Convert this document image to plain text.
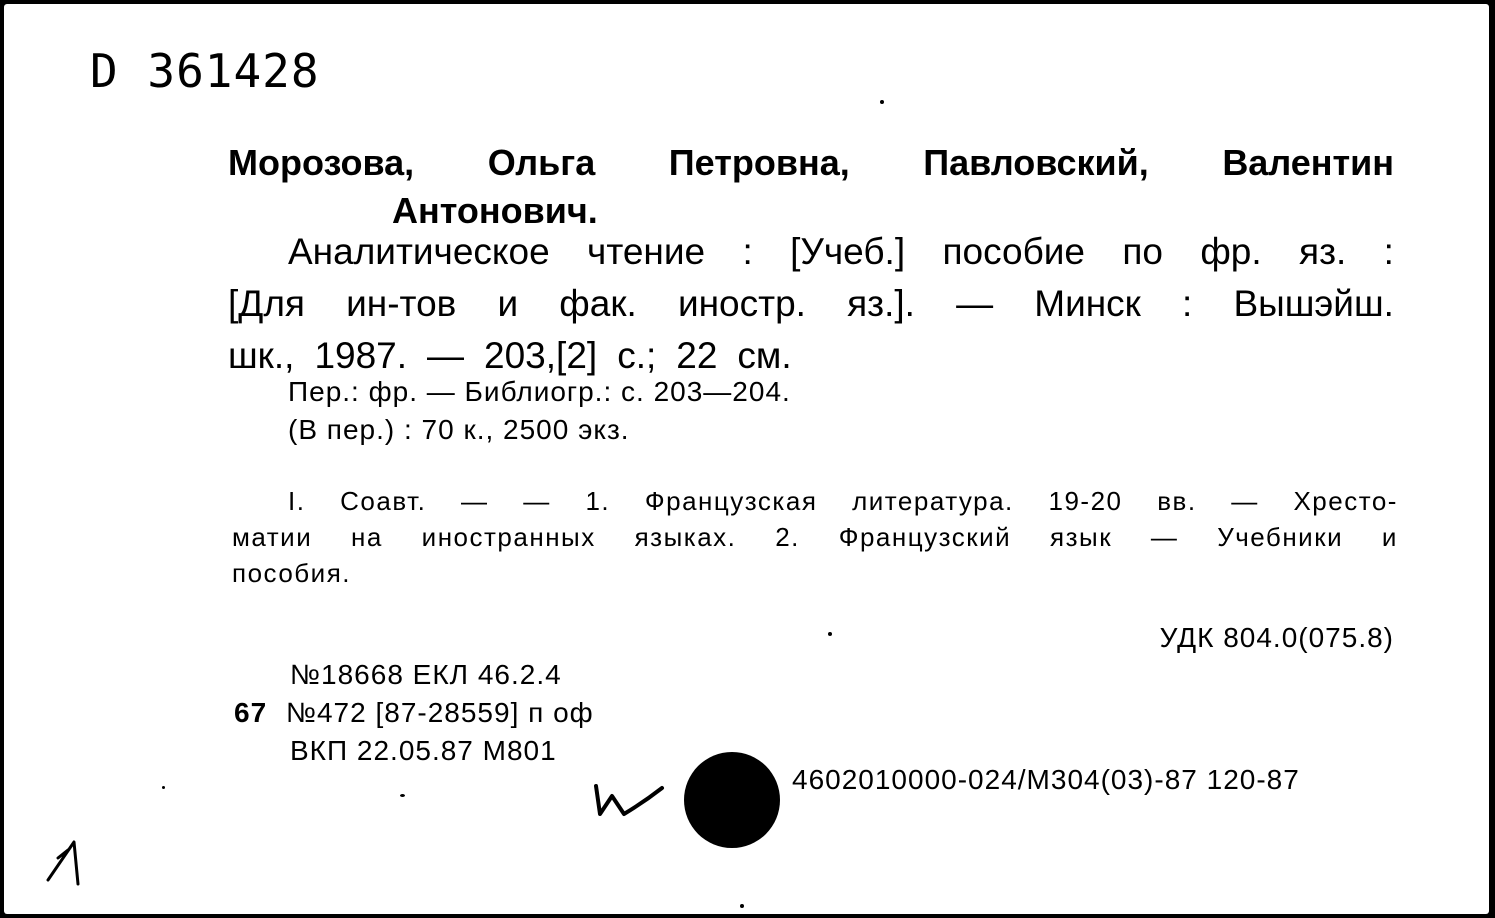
D 361428
Морозова, Ольга Петровна, Павловский, Валентин
Антонович.
Аналитическое чтение : [Учеб.] пособие по фр. яз. :
[Для ин-тов и фак. иностр. яз.]. — Минск : Вышэйш.
шк., 1987. — 203,[2] с.; 22 см.
Пер.: фр. — Библиогр.: с. 203—204.
(В пер.) : 70 к., 2500 экз.
I. Соавт. — — 1. Французская литература. 19-20 вв. — Хресто-
матии на иностранных языках. 2. Французский язык — Учебники и
пособия.
УДК 804.0(075.8)
№18668 ЕКЛ 46.2.4
67 №472 [87-28559] п оф
ВКП 22.05.87 М801
4602010000-024/М304(03)-87 120-87
